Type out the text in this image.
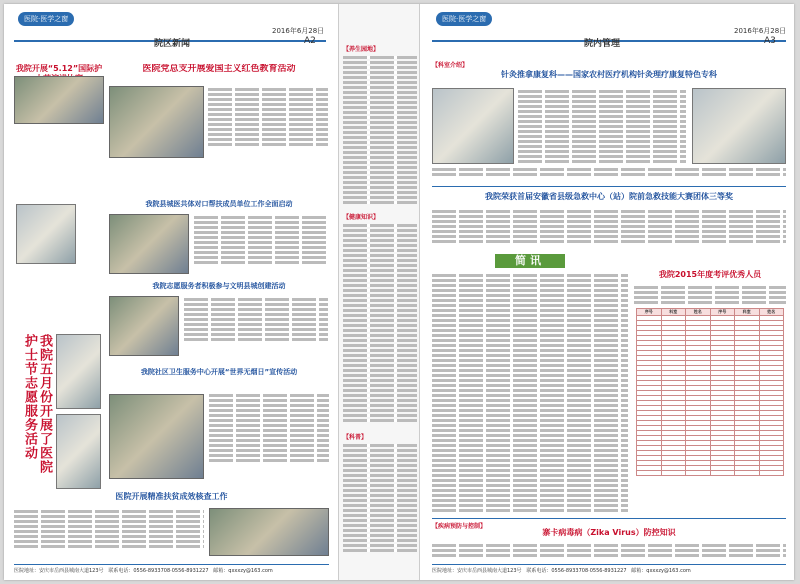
医院·医学之窗
2016年6月28日
院区新闻	A2
我院开展“5.12”国际护	医院党总支开展爱国主义红色教育活动
我院县城医共体对口帮扶成员单位工作全面启动
我院志愿服务者积极参与文明县城创建活动
我院五月份开展了医院护士节志愿服务活动	我院社区卫生服务中心开展“世界无烟日”宣传活动
医院开展精准扶贫成效核查工作
医院地址：安庆市岳西县城南大道123号 联系电话：0556-8933708·0556-8931227 邮箱：qxxxzy@163.com
【养生园地】
【健康知识】
【科普】
医院·医学之窗
2016年6月28日
院内管理	A3
【科室介绍】
针灸推拿康复科——国家农村医疗机构针灸理疗康复特色专科
我院荣获首届安徽省县级急救中心（站）院前急救技能大赛团体三等奖
简讯
我院2015年度考评优秀人员
序号	科室	姓名	序号	科室	姓名

【疾病预防与控制】
寨卡病毒病（Zika Virus）防控知识
医院地址：安庆市岳西县城南大道123号 联系电话：0556-8933708·0556-8931227 邮箱：qxxxzy@163.com
